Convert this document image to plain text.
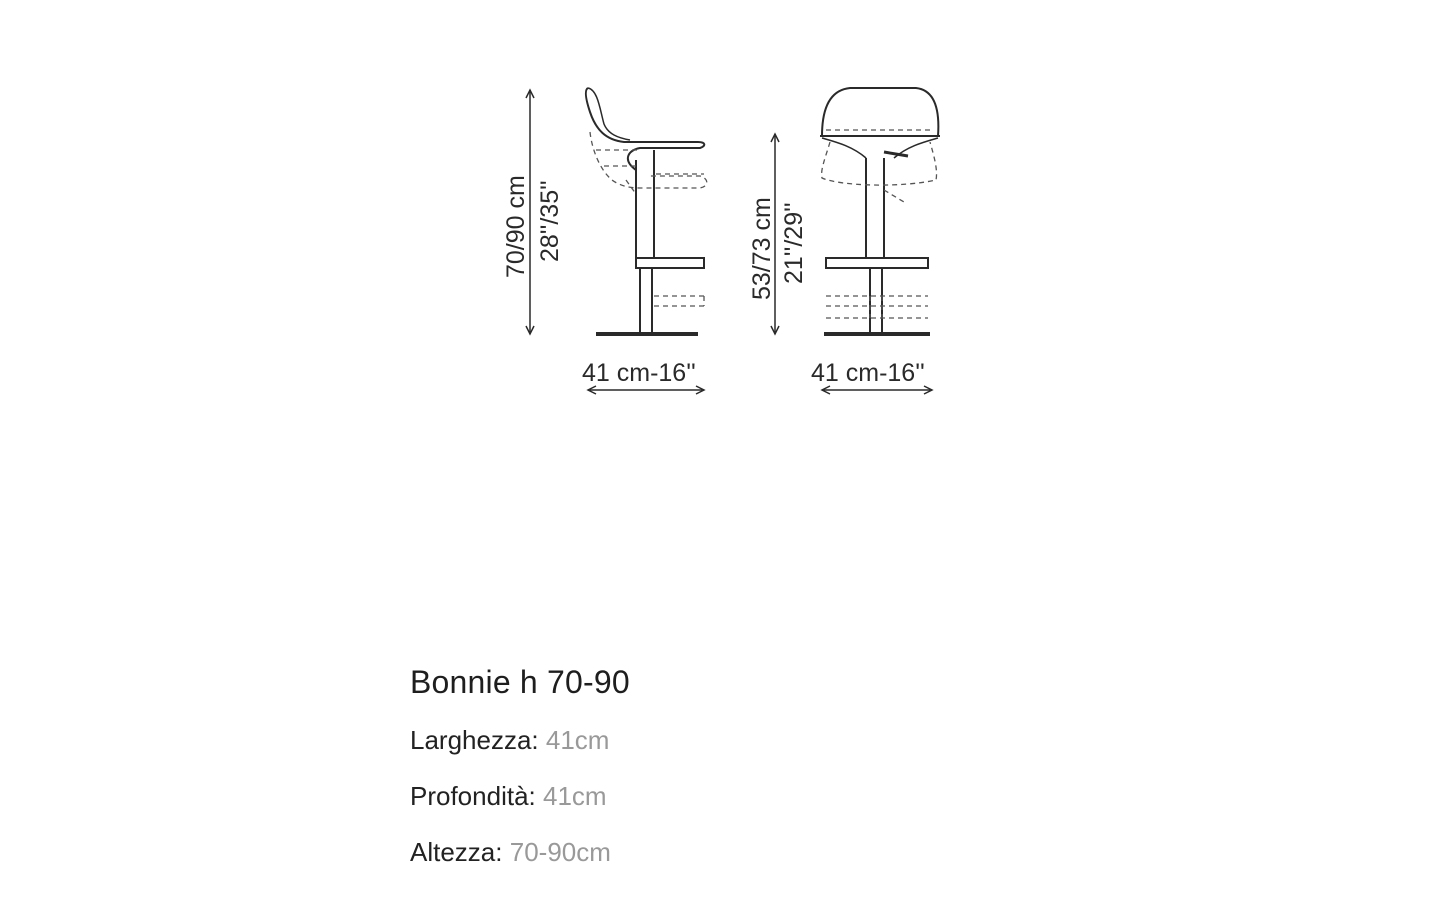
70/90 cm 28''/35''
41 cm-16''
53/73 cm 21''/29''
41 cm-16''
Bonnie h 70-90
Larghezza: 41cm
Profondità: 41cm
Altezza: 70-90cm
